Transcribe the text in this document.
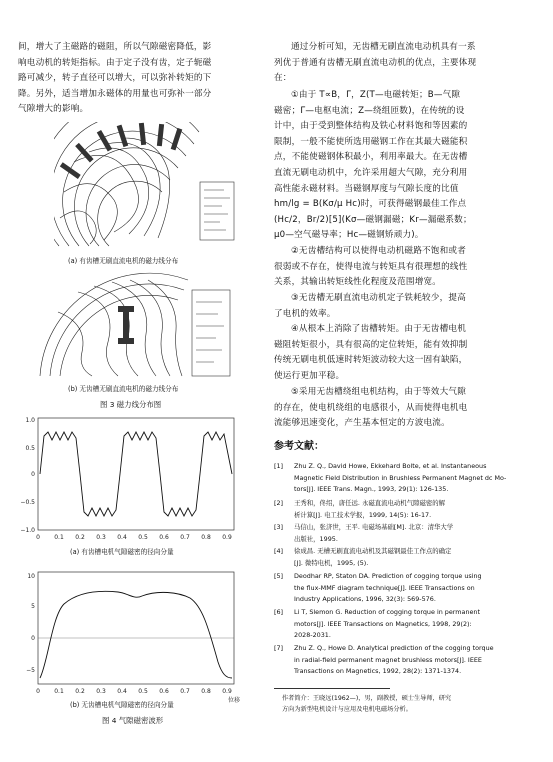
间，增大了主磁路的磁阻，所以气隙磁密降低，影
响电动机的转矩指标。由于定子没有齿，定子轭磁
路可减少，转子直径可以增大，可以弥补转矩的下
降。另外，适当增加永磁体的用量也可弥补一部分
气隙增大的影响。
(a) 有齿槽无刷直流电机的磁力线分布
(b) 无齿槽无刷直流电机的磁力线分布
图 3 磁力线分布图
1.0
0.5
0
−0.5
−1.0
0 0.1 0.2 0.3 0.4 0.5 0.6 0.7 0.8 0.9
(a) 有齿槽电机气隙磁密的径向分量
10
5
0
−5
0 0.1 0.2 0.3 0.4 0.5 0.6 0.7 0.8 0.9
位移
(b) 无齿槽电机气隙磁密的径向分量
图 4 气隙磁密波形
通过分析可知，无齿槽无刷直流电动机具有一系
列优于普通有齿槽无刷直流电动机的优点，主要体现
在：
①由于 T∝B，Γ，Z(T—电磁转矩；B—气隙
磁密；Γ—电枢电流；Z—绕组匝数)，在传统的设
计中，由于受到整体结构及铁心材料饱和等因素的
限制，一般不能使所选用磁钢工作在其最大磁能积
点，不能使磁钢体积最小，利用率最大。在无齿槽
直流无刷电动机中，允许采用超大气隙，充分利用
高性能永磁材料。当磁钢厚度与气隙长度的比值
hm/lg = B(Kσ/μ Hc)时，可获得磁钢最佳工作点
(Hc/2，Br/2)[5](Kσ—磁钢漏磁；Kr—漏磁系数；
μ0—空气磁导率；Hc—磁钢矫顽力)。
②无齿槽结构可以使得电动机磁路不饱和或者
很弱或不存在，使得电流与转矩具有很理想的线性
关系，其输出转矩线性化程度及范围增宽。
③无齿槽无刷直流电动机定子铁耗较少，提高
了电机的效率。
④从根本上消除了齿槽转矩。由于无齿槽电机
磁阻转矩很小，具有很高的定位转矩，能有效抑制
传统无刷电机低速时转矩波动较大这一固有缺陷，
使运行更加平稳。
⑤采用无齿槽绕组电机结构，由于等效大气隙
的存在，使电机绕组的电感很小，从而使得电机电
流能够迅速变化，产生基本恒定的方波电流。
参考文献：
[1] Zhu Z. Q., David Howe, Ekkehard Bolte, et al. Instantaneous
Magnetic Field Distribution in Brushless Permanent Magnet dc Mo-
tors[J]. IEEE Trans. Magn., 1993, 29(1): 126-135.
[2] 王秀和，佟绍，唐任远. 永磁直流电动机气隙磁密的解
析计算[J]. 电工技术学报，1999, 14(5): 16-17.
[3] 马信山，张济世，王平. 电磁场基础[M]. 北京：清华大学
出版社，1995.
[4] 徐成昌. 无槽无刷直流电动机及其磁钢最佳工作点的确定
[J]. 微特电机，1995, (5).
[5] Deodhar RP, Staton DA. Prediction of cogging torque using
the flux-MMF diagram technique[J]. IEEE Transactions on
Industry Applications, 1996, 32(3): 569-576.
[6] Li T, Slemon G. Reduction of cogging torque in permanent
motors[J]. IEEE Transactions on Magnetics, 1998, 29(2):
2028-2031.
[7] Zhu Z. Q., Howe D. Analytical prediction of the cogging torque
in radial-field permanent magnet brushless motors[J]. IEEE
Transactions on Magnetics, 1992, 28(2): 1371-1374.
作者简介：王晓远(1962—)，男，副教授，硕士生导师，研究
方向为新型电机设计与应用及电机电磁场分析。
